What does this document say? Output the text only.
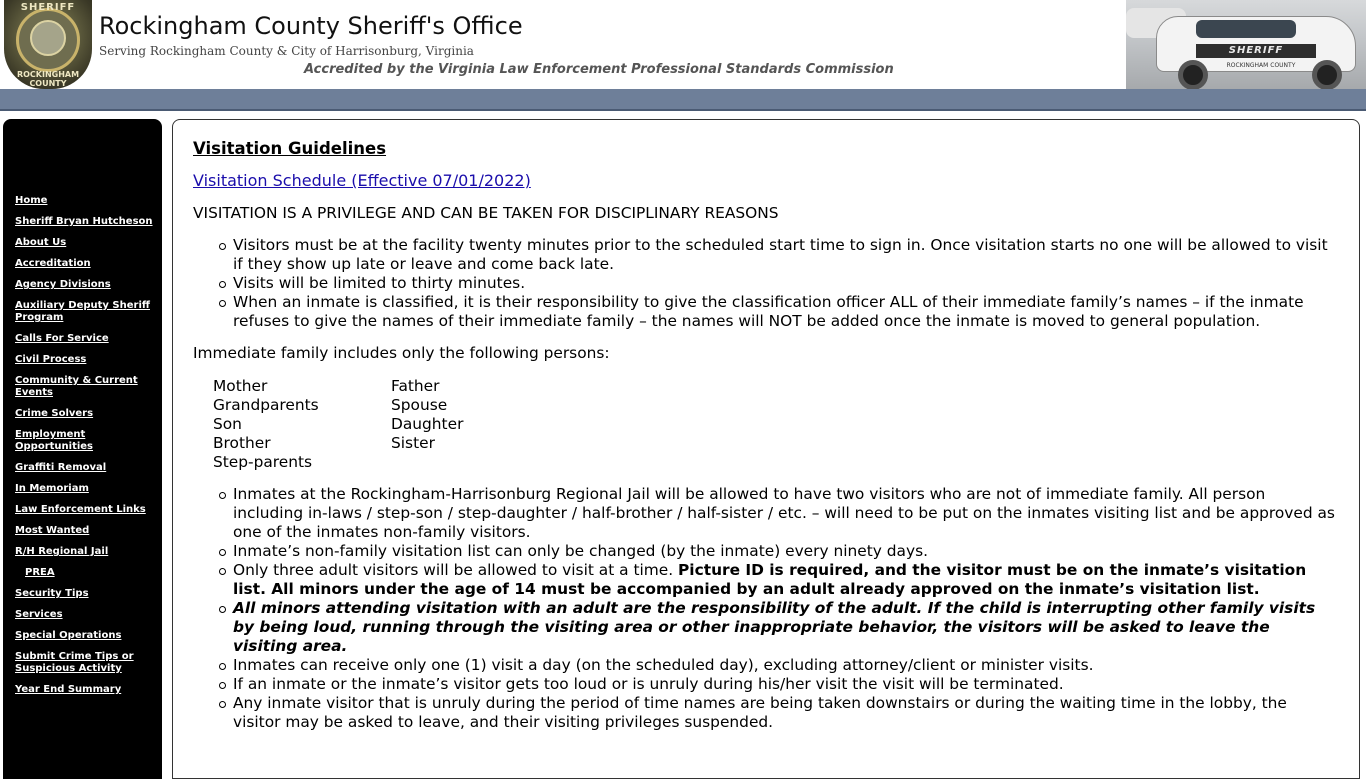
SHERIFF
ROCKINGHAM COUNTY
Rockingham County Sheriff's Office
Serving Rockingham County & City of Harrisonburg, Virginia
Accredited by the Virginia Law Enforcement Professional Standards Commission
SHERIFF
ROCKINGHAM COUNTY
Home
Sheriff Bryan Hutcheson
About Us
Accreditation
Agency Divisions
Auxiliary Deputy Sheriff Program
Calls For Service
Civil Process
Community & Current Events
Crime Solvers
Employment Opportunities
Graffiti Removal
In Memoriam
Law Enforcement Links
Most Wanted
R/H Regional Jail
PREA
Security Tips
Services
Special Operations
Submit Crime Tips or Suspicious Activity
Year End Summary
Visitation Guidelines
Visitation Schedule (Effective 07/01/2022)
VISITATION IS A PRIVILEGE AND CAN BE TAKEN FOR DISCIPLINARY REASONS
Visitors must be at the facility twenty minutes prior to the scheduled start time to sign in. Once visitation starts no one will be allowed to visit if they show up late or leave and come back late.
Visits will be limited to thirty minutes.
When an inmate is classified, it is their responsibility to give the classification officer ALL of their immediate family’s names – if the inmate refuses to give the names of their immediate family – the names will NOT be added once the inmate is moved to general population.
Immediate family includes only the following persons:
Mother	Father
Grandparents	Spouse
Son	Daughter
Brother	Sister
Step-parents
Inmates at the Rockingham-Harrisonburg Regional Jail will be allowed to have two visitors who are not of immediate family. All person including in-laws / step-son / step-daughter / half-brother / half-sister / etc. – will need to be put on the inmates visiting list and be approved as one of the inmates non-family visitors.
Inmate’s non-family visitation list can only be changed (by the inmate) every ninety days.
Only three adult visitors will be allowed to visit at a time. Picture ID is required, and the visitor must be on the inmate’s visitation list. All minors under the age of 14 must be accompanied by an adult already approved on the inmate’s visitation list.
All minors attending visitation with an adult are the responsibility of the adult. If the child is interrupting other family visits by being loud, running through the visiting area or other inappropriate behavior, the visitors will be asked to leave the visiting area.
Inmates can receive only one (1) visit a day (on the scheduled day), excluding attorney/client or minister visits.
If an inmate or the inmate’s visitor gets too loud or is unruly during his/her visit the visit will be terminated.
Any inmate visitor that is unruly during the period of time names are being taken downstairs or during the waiting time in the lobby, the visitor may be asked to leave, and their visiting privileges suspended.
